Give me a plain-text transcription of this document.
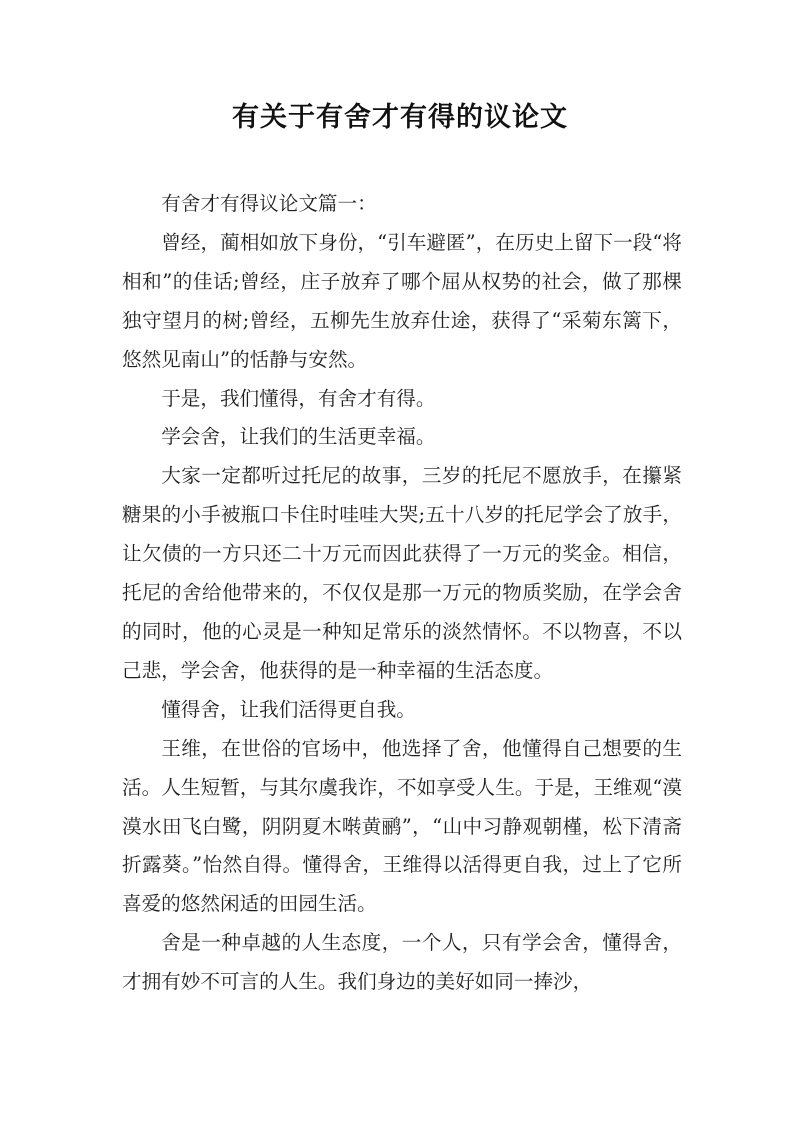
有关于有舍才有得的议论文

有舍才有得议论文篇一：

曾经，蔺相如放下身份，“引车避匿”，在历史上留下一段“将相和”的佳话;曾经，庄子放弃了哪个屈从权势的社会，做了那棵独守望月的树;曾经，五柳先生放弃仕途，获得了“采菊东篱下，悠然见南山”的恬静与安然。

于是，我们懂得，有舍才有得。

学会舍，让我们的生活更幸福。

大家一定都听过托尼的故事，三岁的托尼不愿放手，在攥紧糖果的小手被瓶口卡住时哇哇大哭;五十八岁的托尼学会了放手，让欠债的一方只还二十万元而因此获得了一万元的奖金。相信，托尼的舍给他带来的，不仅仅是那一万元的物质奖励，在学会舍的同时，他的心灵是一种知足常乐的淡然情怀。不以物喜，不以己悲，学会舍，他获得的是一种幸福的生活态度。

懂得舍，让我们活得更自我。

王维，在世俗的官场中，他选择了舍，他懂得自己想要的生活。人生短暂，与其尔虞我诈，不如享受人生。于是，王维观“漠漠水田飞白鹭，阴阴夏木啭黄鹂”，“山中习静观朝槿，松下清斋折露葵。”怡然自得。懂得舍，王维得以活得更自我，过上了它所喜爱的悠然闲适的田园生活。

舍是一种卓越的人生态度，一个人，只有学会舍，懂得舍，才拥有妙不可言的人生。我们身边的美好如同一捧沙，
